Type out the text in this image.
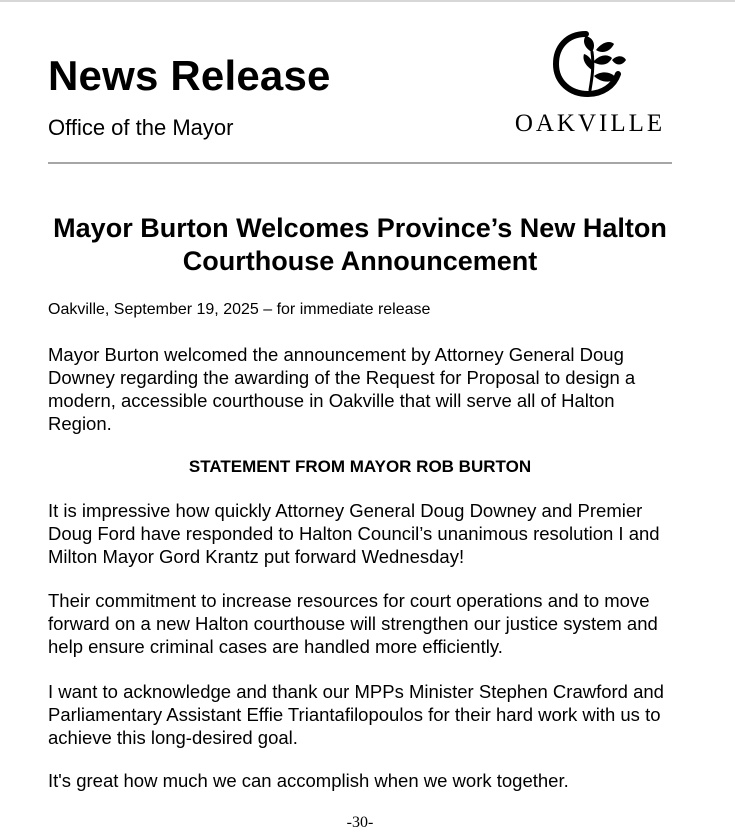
News Release
Office of the Mayor	OAKVILLE
Mayor Burton Welcomes Province’s New Halton Courthouse Announcement
Oakville, September 19, 2025 – for immediate release
Mayor Burton welcomed the announcement by Attorney General Doug Downey regarding the awarding of the Request for Proposal to design a modern, accessible courthouse in Oakville that will serve all of Halton Region.
STATEMENT FROM MAYOR ROB BURTON
It is impressive how quickly Attorney General Doug Downey and Premier Doug Ford have responded to Halton Council’s unanimous resolution I and Milton Mayor Gord Krantz put forward Wednesday!
Their commitment to increase resources for court operations and to move forward on a new Halton courthouse will strengthen our justice system and help ensure criminal cases are handled more efficiently.
I want to acknowledge and thank our MPPs Minister Stephen Crawford and Parliamentary Assistant Effie Triantafilopoulos for their hard work with us to achieve this long-desired goal.
It's great how much we can accomplish when we work together.
-30-
